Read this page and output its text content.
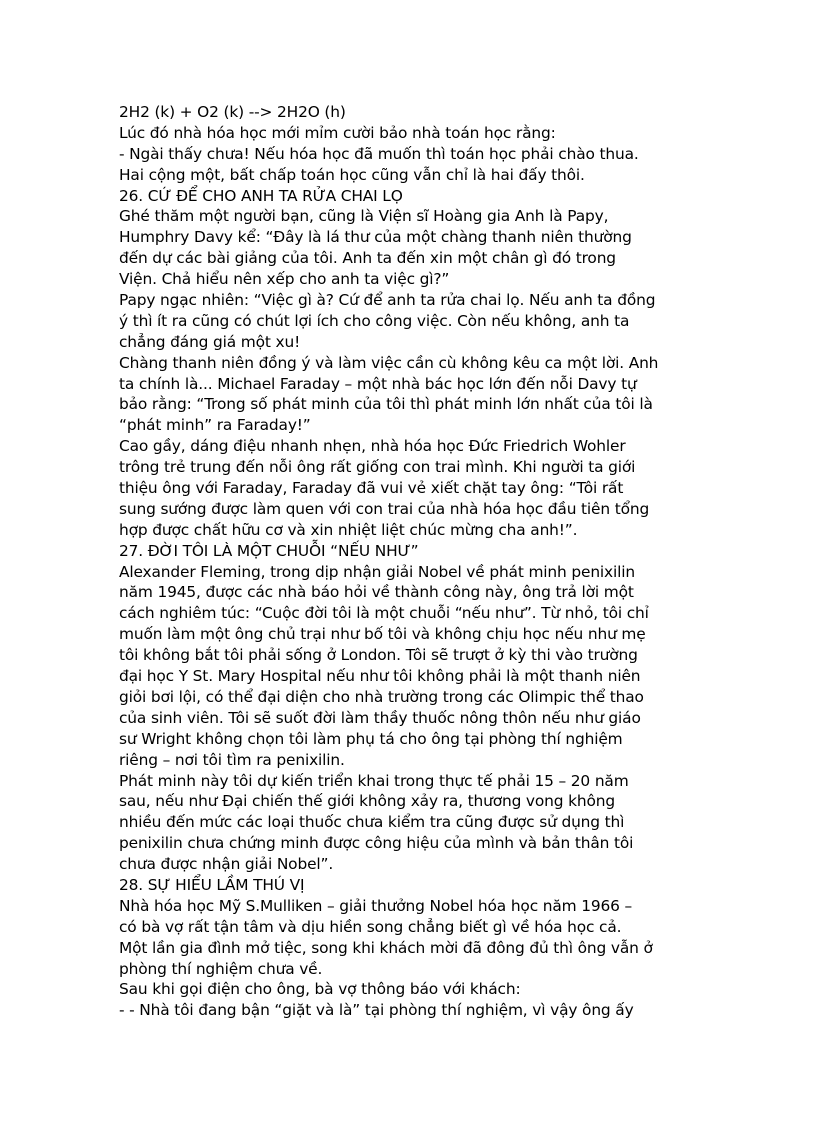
2H2 (k) + O2 (k) --> 2H2O (h)
Lúc đó nhà hóa học mới mỉm cười bảo nhà toán học rằng:
- Ngài thấy chưa! Nếu hóa học đã muốn thì toán học phải chào thua.
Hai cộng một, bất chấp toán học cũng vẫn chỉ là hai đấy thôi.
26. CỨ ĐỂ CHO ANH TA RỬA CHAI LỌ
Ghé thăm một người bạn, cũng là Viện sĩ Hoàng gia Anh là Papy,
Humphry Davy kể: “Đây là lá thư của một chàng thanh niên thường
đến dự các bài giảng của tôi. Anh ta đến xin một chân gì đó trong
Viện. Chả hiểu nên xếp cho anh ta việc gì?”
Papy ngạc nhiên: “Việc gì à? Cứ để anh ta rửa chai lọ. Nếu anh ta đồng
ý thì ít ra cũng có chút lợi ích cho công việc. Còn nếu không, anh ta
chẳng đáng giá một xu!
Chàng thanh niên đồng ý và làm việc cần cù không kêu ca một lời. Anh
ta chính là... Michael Faraday – một nhà bác học lớn đến nỗi Davy tự
bảo rằng: “Trong số phát minh của tôi thì phát minh lớn nhất của tôi là
“phát minh” ra Faraday!”
Cao gầy, dáng điệu nhanh nhẹn, nhà hóa học Đức Friedrich Wohler
trông trẻ trung đến nỗi ông rất giống con trai mình. Khi người ta giới
thiệu ông với Faraday, Faraday đã vui vẻ xiết chặt tay ông: “Tôi rất
sung sướng được làm quen với con trai của nhà hóa học đầu tiên tổng
hợp được chất hữu cơ và xin nhiệt liệt chúc mừng cha anh!”.
27. ĐỜI TÔI LÀ MỘT CHUỖI “NẾU NHƯ”
Alexander Fleming, trong dịp nhận giải Nobel về phát minh penixilin
năm 1945, được các nhà báo hỏi về thành công này, ông trả lời một
cách nghiêm túc: “Cuộc đời tôi là một chuỗi “nếu như”. Từ nhỏ, tôi chỉ
muốn làm một ông chủ trại như bố tôi và không chịu học nếu như mẹ
tôi không bắt tôi phải sống ở London. Tôi sẽ trượt ở kỳ thi vào trường
đại học Y St. Mary Hospital nếu như tôi không phải là một thanh niên
giỏi bơi lội, có thể đại diện cho nhà trường trong các Olimpic thể thao
của sinh viên. Tôi sẽ suốt đời làm thầy thuốc nông thôn nếu như giáo
sư Wright không chọn tôi làm phụ tá cho ông tại phòng thí nghiệm
riêng – nơi tôi tìm ra penixilin.
Phát minh này tôi dự kiến triển khai trong thực tế phải 15 – 20 năm
sau, nếu như Đại chiến thế giới không xảy ra, thương vong không
nhiều đến mức các loại thuốc chưa kiểm tra cũng được sử dụng thì
penixilin chưa chứng minh được công hiệu của mình và bản thân tôi
chưa được nhận giải Nobel”.
28. SỰ HIỂU LẦM THÚ VỊ
Nhà hóa học Mỹ S.Mulliken – giải thưởng Nobel hóa học năm 1966 –
có bà vợ rất tận tâm và dịu hiền song chẳng biết gì về hóa học cả.
Một lần gia đình mở tiệc, song khi khách mời đã đông đủ thì ông vẫn ở
phòng thí nghiệm chưa về.
Sau khi gọi điện cho ông, bà vợ thông báo với khách:
- - Nhà tôi đang bận “giặt và là” tại phòng thí nghiệm, vì vậy ông ấy
